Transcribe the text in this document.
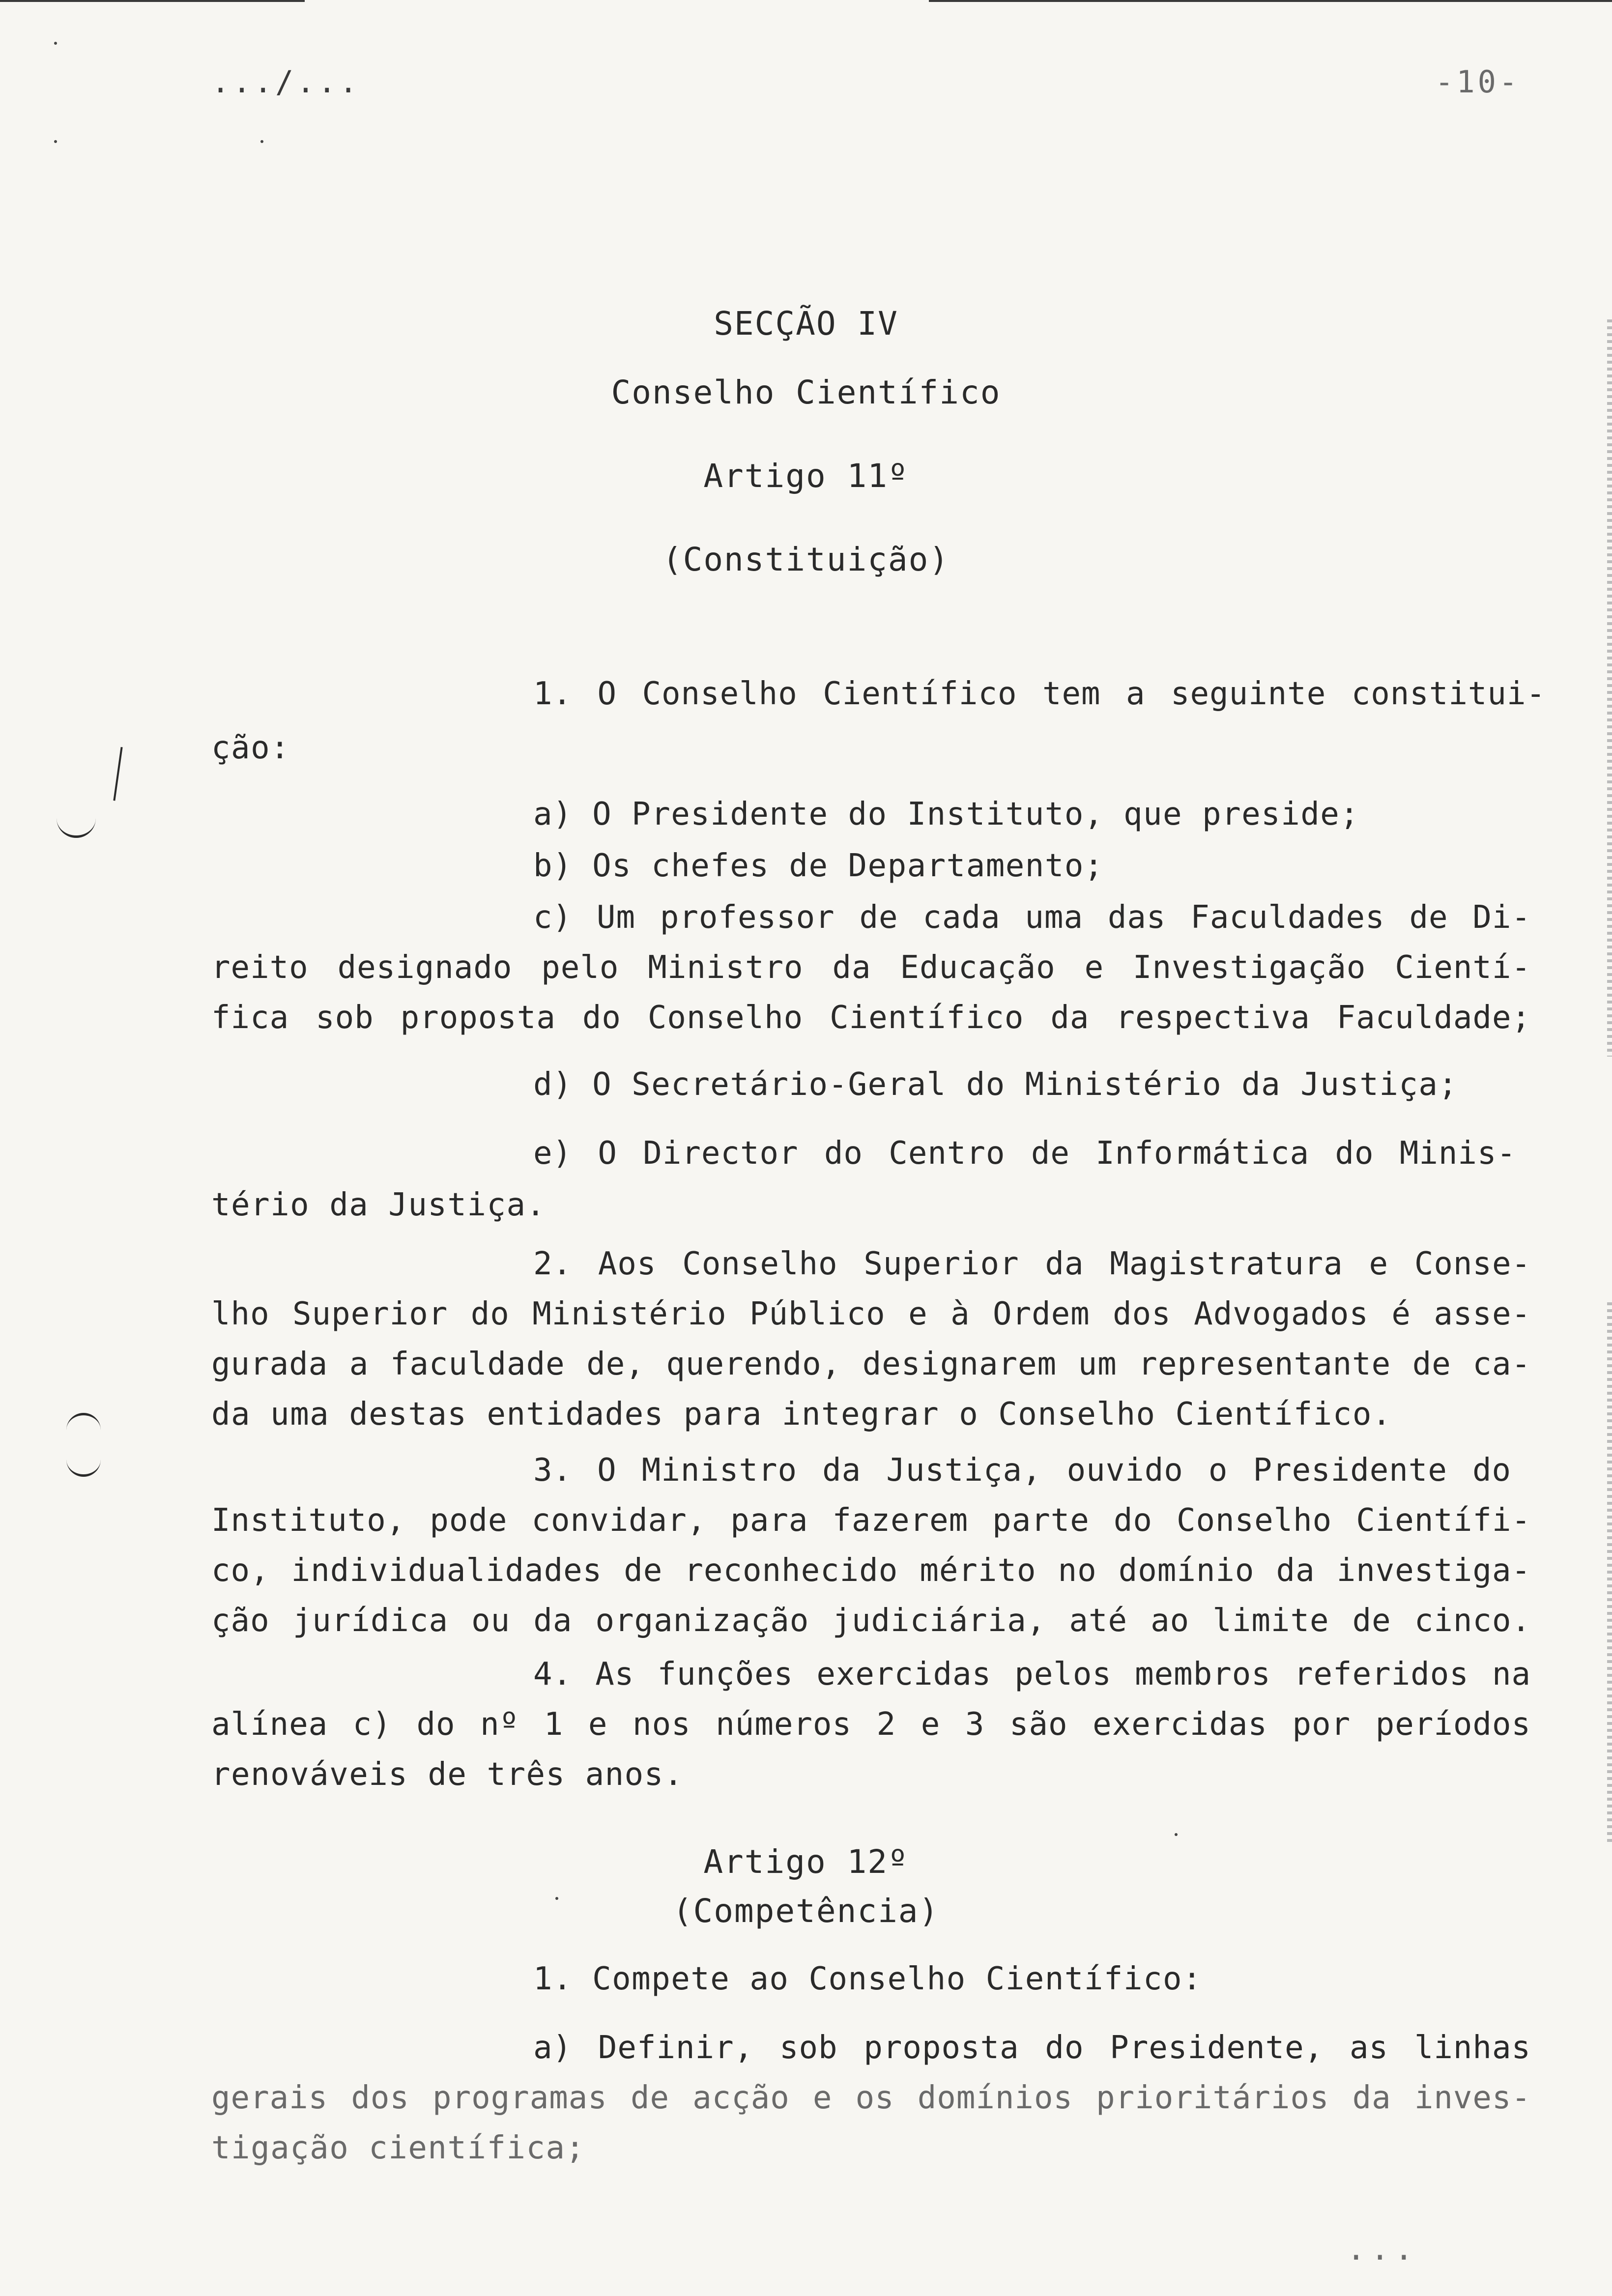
.../...	-10-
SECÇÃO IV
Conselho Científico
Artigo 11º
(Constituição)
1. O Conselho Científico tem a seguinte constitui-
ção:
a) O Presidente do Instituto, que preside;
b) Os chefes de Departamento;
c) Um professor de cada uma das Faculdades de Di-
reito designado pelo Ministro da Educação e Investigação Cientí-
fica sob proposta do Conselho Científico da respectiva Faculdade;
d) O Secretário-Geral do Ministério da Justiça;
e) O Director do Centro de Informática do Minis-
tério da Justiça.
2. Aos Conselho Superior da Magistratura e Conse-
lho Superior do Ministério Público e à Ordem dos Advogados é asse-
gurada a faculdade de, querendo, designarem um representante de ca-
da uma destas entidades para integrar o Conselho Científico.
3. O Ministro da Justiça, ouvido o Presidente do
Instituto, pode convidar, para fazerem parte do Conselho Científi-
co, individualidades de reconhecido mérito no domínio da investiga-
ção jurídica ou da organização judiciária, até ao limite de cinco.
4. As funções exercidas pelos membros referidos na
alínea c) do nº 1 e nos números 2 e 3 são exercidas por períodos
renováveis de três anos.
Artigo 12º
(Competência)
1. Compete ao Conselho Científico:
a) Definir, sob proposta do Presidente, as linhas
gerais dos programas de acção e os domínios prioritários da inves-
tigação científica;
...
